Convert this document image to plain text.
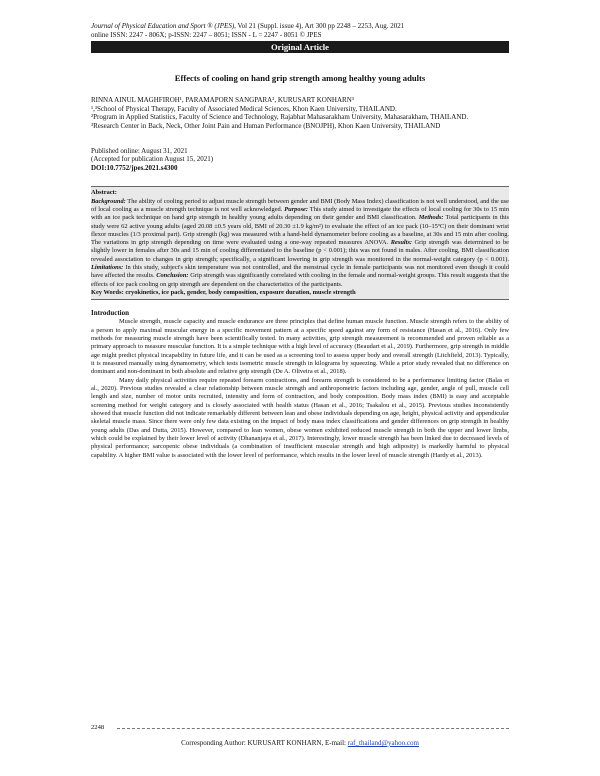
Journal of Physical Education and Sport ® (JPES), Vol 21 (Suppl. issue 4), Art 300 pp 2248 – 2253, Aug. 2021
online ISSN: 2247 - 806X; p-ISSN: 2247 – 8051; ISSN - L = 2247 - 8051 © JPES
Original Article
Effects of cooling on hand grip strength among healthy young adults
RINNA AINUL MAGHFIROH¹, PARAMAPORN SANGPARA², KURUSART KONHARN³

¹,³School of Physical Therapy, Faculty of Associated Medical Sciences, Khon Kaen University, THAILAND.

²Program in Applied Statistics, Faculty of Science and Technology, Rajabhat Mahasarakham University, Mahasarakham, THAILAND.

³Research Center in Back, Neck, Other Joint Pain and Human Performance (BNOJPH), Khon Kaen University, THAILAND

Published online: August 31, 2021
(Accepted for publication August 15, 2021)
DOI:10.7752/jpes.2021.s4300
Abstract:
Background: The ability of cooling period to adjust muscle strength between gender and BMI (Body Mass Index) classification is not well understood, and the use of local cooling as a muscle strength technique is not well acknowledged. Purpose: This study aimed to investigate the effects of local cooling for 30s to 15 min with an ice pack technique on hand grip strength in healthy young adults depending on their gender and BMI classification. Methods: Total participants in this study were 62 active young adults (aged 20.08 ±0.5 years old, BMI of 20.30 ±1.9 kg/m²) to evaluate the effect of an ice pack (10–15ºC) on their dominant wrist flexor muscles (1/3 proximal part). Grip strength (kg) was measured with a hand-held dynamometer before cooling as a baseline, at 30s and 15 min after cooling. The variations in grip strength depending on time were evaluated using a one-way repeated measures ANOVA. Results: Grip strength was determined to be slightly lower in females after 30s and 15 min of cooling differentiated to the baseline (p < 0.001); this was not found in males. After cooling, BMI classification revealed association to changes in grip strength; specifically, a significant lowering in grip strength was monitored in the normal-weight category (p < 0.001). Limitations: In this study, subject's skin temperature was not controlled, and the menstrual cycle in female participants was not monitored even though it could have affected the results. Conclusion: Grip strength was significantly correlated with cooling in the female and normal-weight groups. This result suggests that the effects of ice pack cooling on grip strength are dependent on the characteristics of the participants.
Key Words: cryokinetics, ice pack, gender, body composition, exposure duration, muscle strength
Introduction

Muscle strength, muscle capacity and muscle endurance are three principles that define human muscle function. Muscle strength refers to the ability of a person to apply maximal muscular energy in a specific movement pattern at a specific speed against any form of resistance (Hasan et al., 2016). Only few methods for measuring muscle strength have been scientifically tested. In many activities, grip strength measurement is recommended and proven reliable as a primary approach to measure muscular function. It is a simple technique with a high level of accuracy (Beaudart et al., 2019). Furthermore, grip strength in middle age might predict physical incapability in future life, and it can be used as a screening tool to assess upper body and overall strength (Litchfield, 2013). Typically, it is measured manually using dynamometry, which tests isometric muscle strength in kilograms by squeezing. While a prior study revealed that no difference on dominant and non-dominant in both absolute and relative grip strength (De A. Oliveira et al., 2018).

Many daily physical activities require repeated forearm contractions, and forearm strength is considered to be a performance limiting factor (Balas et al., 2020). Previous studies revealed a clear relationship between muscle strength and anthropometric factors including age, gender, angle of pull, muscle cell length and size, number of motor units recruited, intensity and form of contraction, and body composition. Body mass index (BMI) is easy and acceptable screening method for weight category and is closely associated with health status (Hasan et al., 2016; Tsakalou et al., 2015). Previous studies inconsistently showed that muscle function did not indicate remarkably different between lean and obese individuals depending on age, height, physical activity and appendicular skeletal muscle mass. Since there were only few data existing on the impact of body mass index classifications and gender differences on grip strength in healthy young adults (Das and Dutta, 2015). However, compared to lean women, obese women exhibited reduced muscle strength in both the upper and lower limbs, which could be explained by their lower level of activity (Dhananjaya et al., 2017). Interestingly, lower muscle strength has been linked due to decreased levels of physical performance; sarcopenic obese individuals (a combination of insufficient muscular strength and high adiposity) is markedly harmful to physical capability. A higher BMI value is associated with the lower level of performance, which results in the lower level of muscle strength (Hardy et al., 2013).

2248
Corresponding Author: KURUSART KONHARN, E-mail: raf_thailand@yahoo.com
